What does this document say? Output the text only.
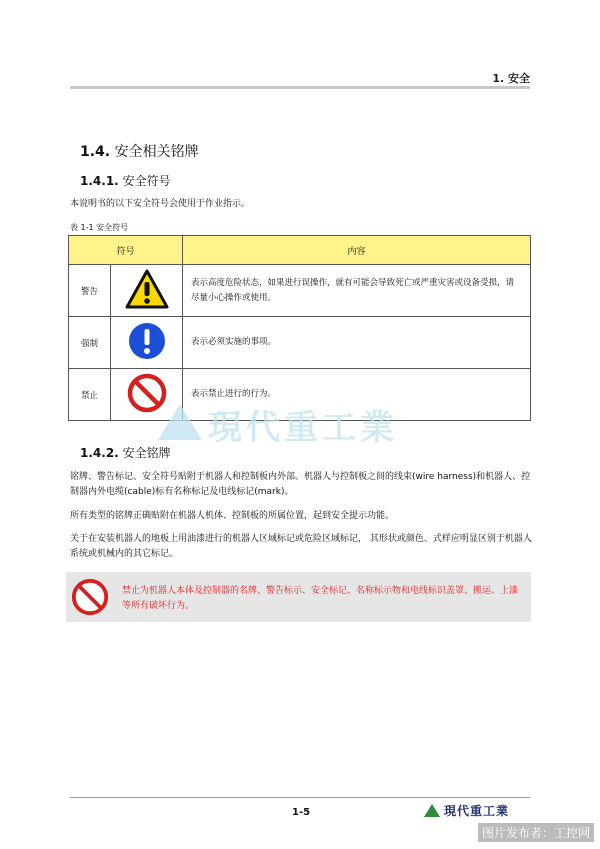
1. 安全
1.4. 安全相关铭牌
1.4.1. 安全符号
本说明书的以下安全符号会使用于作业指示。
表 1-1 安全符号
符号		内容
警告		表示高度危险状态，如果进行误操作，就有可能会导致死亡或严重灾害或设备受损，请尽量小心操作或使用。
强制		表示必须实施的事项。
禁止		表示禁止进行的行为。
現代重工業
1.4.2. 安全铭牌
铭牌、警告标记、安全符号贴附于机器人和控制板内外部。机器人与控制板之间的线束(wire harness)和机器人、控制器内外电缆(cable)标有名称标记及电线标记(mark)。
所有类型的铭牌正确贴附在机器人机体、控制板的所属位置，起到安全提示功能。
关于在安装机器人的地板上用油漆进行的机器人区域标记或危险区域标记， 其形状或颜色、式样应明显区别于机器人系统或机械内的其它标记。
禁止为机器人本体及控制器的名牌、警告标示、安全标记、名称标示物和电线标识盖罩、搬运、上漆等所有破坏行为。
1-5	現代重工業
图片发布者：工控网
